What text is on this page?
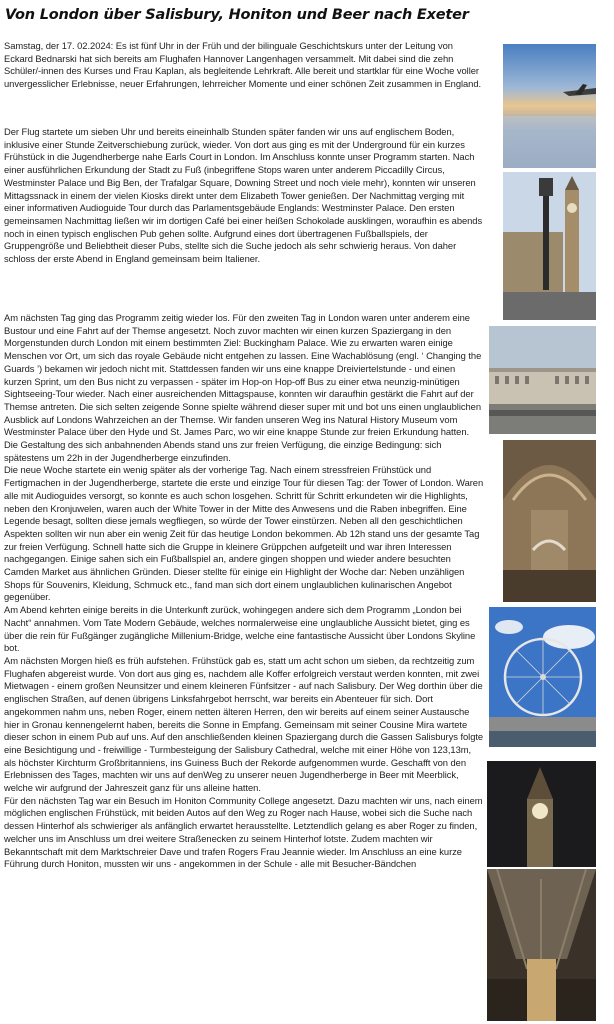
Von London über Salisbury, Honiton und Beer nach Exeter

Samstag, der 17. 02.2024: Es ist fünf Uhr in der Früh und der bilinguale Geschichtskurs unter der Leitung von Eckard Bednarski hat sich bereits am Flughafen Hannover Langenhagen versammelt. Mit dabei sind die zehn Schüler/-innen des Kurses und Frau Kaplan, als begleitende Lehrkraft. Alle bereit und startklar für eine Woche voller unvergesslicher Erlebnisse, neuer Erfahrungen, lehrreicher Momente und einer schönen Zeit zusammen in England.

Der Flug startete um sieben Uhr und bereits eineinhalb Stunden später fanden wir uns auf englischem Boden, inklusive einer Stunde Zeitverschiebung zurück, wieder. Von dort aus ging es mit der Underground für ein kurzes Frühstück in die Jugendherberge nahe Earls Court in London. Im Anschluss konnte unser Programm starten. Nach einer ausführlichen Erkundung der Stadt zu Fuß (inbegriffene Stops waren unter anderem Piccadilly Circus, Westminster Palace und Big Ben, der Trafalgar Square, Downing Street und noch viele mehr), konnten wir unseren Mittagssnack in einem der vielen Kiosks direkt unter dem Elizabeth Tower genießen. Der Nachmittag verging mit einer informativen Audioguide Tour durch das Parlamentsgebäude Englands: Westminster Palace. Den ersten gemeinsamen Nachmittag ließen wir im dortigen Café bei einer heißen Schokolade ausklingen, woraufhin es abends noch in einen typisch englischen Pub gehen sollte. Aufgrund eines dort übertragenen Fußballspiels, der Gruppengröße und Beliebtheit dieser Pubs, stellte sich die Suche jedoch als sehr schwierig heraus. Von daher schloss der erste Abend in England gemeinsam beim Italiener.

Am nächsten Tag ging das Programm zeitig wieder los. Für den zweiten Tag in London waren unter anderem eine Bustour und eine Fahrt auf der Themse angesetzt. Noch zuvor machten wir einen kurzen Spaziergang in den Morgenstunden durch London mit einem bestimmten Ziel: Buckingham Palace. Wie zu erwarten waren einige Menschen vor Ort, um sich das royale Gebäude nicht entgehen zu lassen. Eine Wachablösung (engl. ‘ Changing the Guards ’) bekamen wir jedoch nicht mit. Stattdessen fanden wir uns eine knappe Dreiviertelstunde - und einen kurzen Sprint, um den Bus nicht zu verpassen - später im Hop-on Hop-off Bus zu einer etwa neunzig-minütigen Sightseeing-Tour wieder. Nach einer ausreichenden Mittagspause, konnten wir daraufhin gestärkt die Fahrt auf der Themse antreten. Die sich selten zeigende Sonne spielte während dieser super mit und bot uns einen unglaublichen Ausblick auf Londons Wahrzeichen an der Themse. Wir fanden unseren Weg ins Natural History Museum vom Westminster Palace über den Hyde und St. James Parc, wo wir eine knappe Stunde zur freien Erkundung hatten. Die Gestaltung des sich anbahnenden Abends stand uns zur freien Verfügung, die einzige Bedingung: sich spätestens um 22h in der Jugendherberge einzufinden.

Die neue Woche startete ein wenig später als der vorherige Tag. Nach einem stressfreien Frühstück und Fertigmachen in der Jugendherberge, startete die erste und einzige Tour für diesen Tag: der Tower of London. Waren alle mit Audioguides versorgt, so konnte es auch schon losgehen. Schritt für Schritt erkundeten wir die Highlights, neben den Kronjuwelen, waren auch der White Tower in der Mitte des Anwesens und die Raben inbegriffen. Eine Legende besagt, sollten diese jemals wegfliegen, so würde der Tower einstürzen. Neben all den geschichtlichen Aspekten sollten wir nun aber ein wenig Zeit für das heutige London bekommen. Ab 12h stand uns der gesamte Tag zur freien Verfügung. Schnell hatte sich die Gruppe in kleinere Grüppchen aufgeteilt und war ihren Interessen nachgegangen. Einige sahen sich ein Fußballspiel an, andere gingen shoppen und wieder andere besuchten Camden Market aus ähnlichen Gründen. Dieser stellte für einige ein Highlight der Woche dar: Neben unzähligen Shops für Souvenirs, Kleidung, Schmuck etc., fand man sich dort einem unglaublichen kulinarischen Angebot gegenüber.

Am Abend kehrten einige bereits in die Unterkunft zurück, wohingegen andere sich dem Programm „London bei Nacht“ annahmen. Vom Tate Modern Gebäude, welches normalerweise eine unglaubliche Aussicht bietet, ging es über die rein für Fußgänger zugängliche Millenium-Bridge, welche eine fantastische Aussicht über Londons Skyline bot.

Am nächsten Morgen hieß es früh aufstehen. Frühstück gab es, statt um acht schon um sieben, da rechtzeitig zum Flughafen abgereist wurde. Von dort aus ging es, nachdem alle Koffer erfolgreich verstaut werden konnten, mit zwei Mietwagen - einem großen Neunsitzer und einem kleineren Fünfsitzer - auf nach Salisbury. Der Weg dorthin über die englischen Straßen, auf denen übrigens Linksfahrgebot herrscht, war bereits ein Abenteuer für sich. Dort angekommen nahm uns, neben Roger, einem netten älteren Herren, den wir bereits auf einem seiner Austausche hier in Gronau kennengelernt haben, bereits die Sonne in Empfang. Gemeinsam mit seiner Cousine Mira wartete dieser schon in einem Pub auf uns. Auf den anschließenden kleinen Spaziergang durch die Gassen Salisburys folgte eine Besichtigung und - freiwillige - Turmbesteigung der Salisbury Cathedral, welche mit einer Höhe von 123,13m, als höchster Kirchturm Großbritanniens, ins Guiness Buch der Rekorde aufgenommen wurde. Geschafft von den Erlebnissen des Tages, machten wir uns auf denWeg zu unserer neuen Jugendherberge in Beer mit Meerblick, welche wir aufgrund der Jahreszeit ganz für uns alleine hatten.

Für den nächsten Tag war ein Besuch im Honiton Community College angesetzt. Dazu machten wir uns, nach einem möglichen englischen Frühstück, mit beiden Autos auf den Weg zu Roger nach Hause, wobei sich die Suche nach dessen Hinterhof als schwieriger als anfänglich erwartet herausstellte. Letztendlich gelang es aber Roger zu finden, welcher uns im Anschluss um drei weitere Straßenecken zu seinem Hinterhof lotste. Zudem machten wir Bekanntschaft mit dem Marktschreier Dave und trafen Rogers Frau Jeannie wieder. Im Anschluss an eine kurze Führung durch Honiton, mussten wir uns - angekommen in der Schule - alle mit Besucher-Bändchen
